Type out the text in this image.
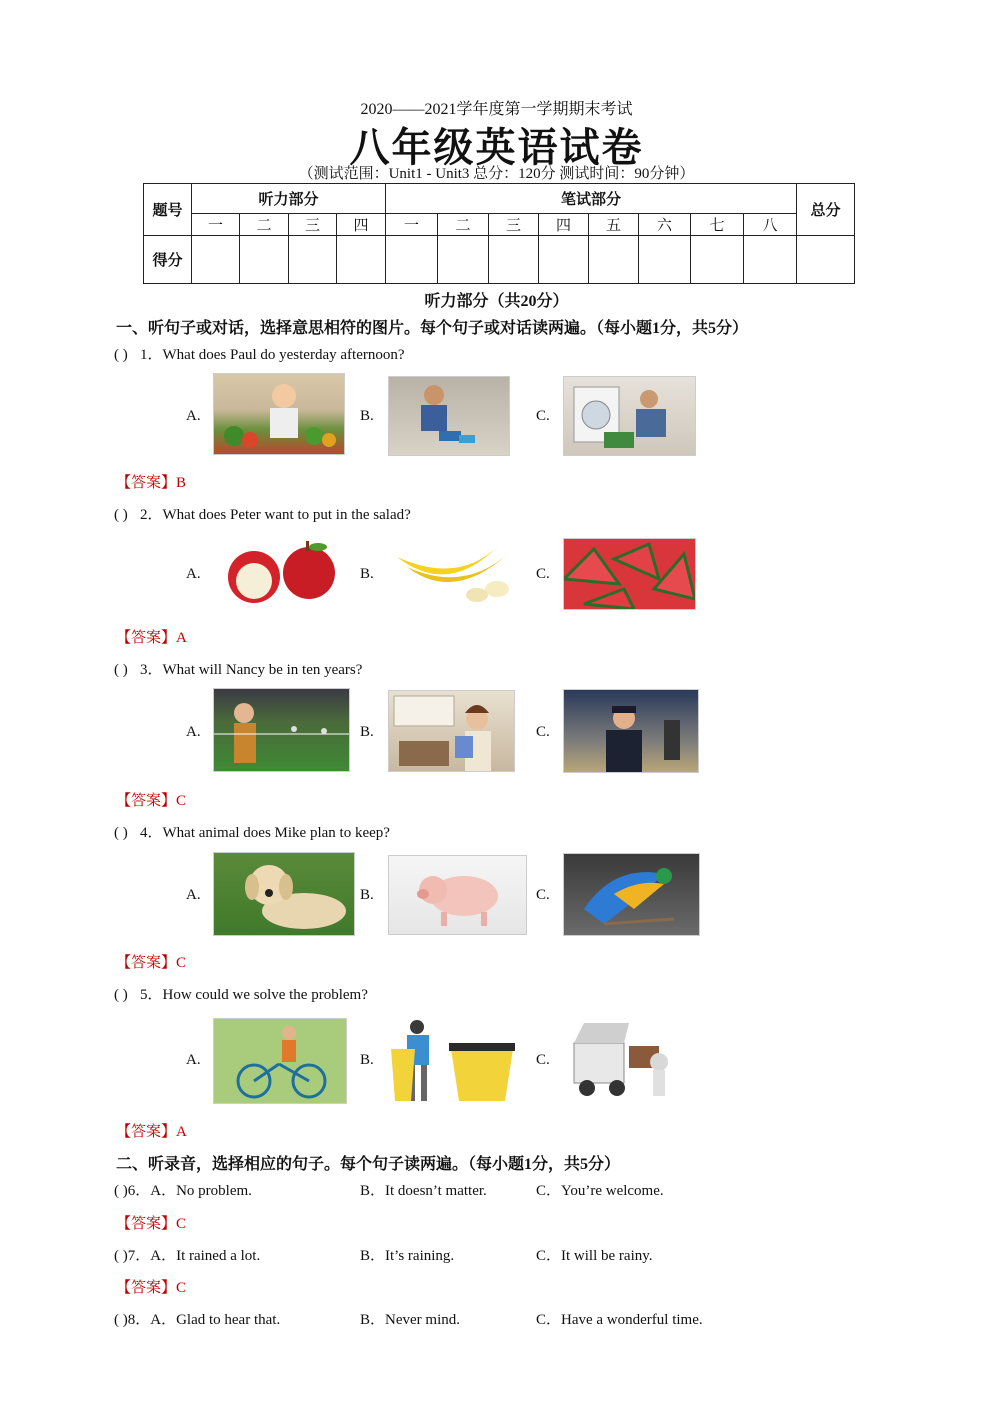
2020——2021学年度第一学期期末考试
八年级英语试卷
（测试范围：Unit1 - Unit3 总分：120分 测试时间：90分钟）
题号	听力部分				笔试部分								总分
	一	二	三	四	一	二	三	四	五	六	七	八	
得分													
听力部分（共20分）
一、听句子或对话，选择意思相符的图片。每个句子或对话读两遍。（每小题1分，共5分）
( ) 1．What does Paul do yesterday afternoon?
A.	B.	C.
【答案】B
( ) 2．What does Peter want to put in the salad?
A.	B.	C.
【答案】A
( ) 3．What will Nancy be in ten years?
A.	B.	C.
【答案】C
( ) 4．What animal does Mike plan to keep?
A.	B.	C.
【答案】C
( ) 5．How could we solve the problem?
A.	B.	C.
【答案】A
二、听录音，选择相应的句子。每个句子读两遍。（每小题1分，共5分）
( )6．A．No problem.	B．It doesn’t matter.	C．You’re welcome.
【答案】C
( )7．A．It rained a lot.	B．It’s raining.	C．It will be rainy.
【答案】C
( )8．A．Glad to hear that.	B．Never mind.	C．Have a wonderful time.
